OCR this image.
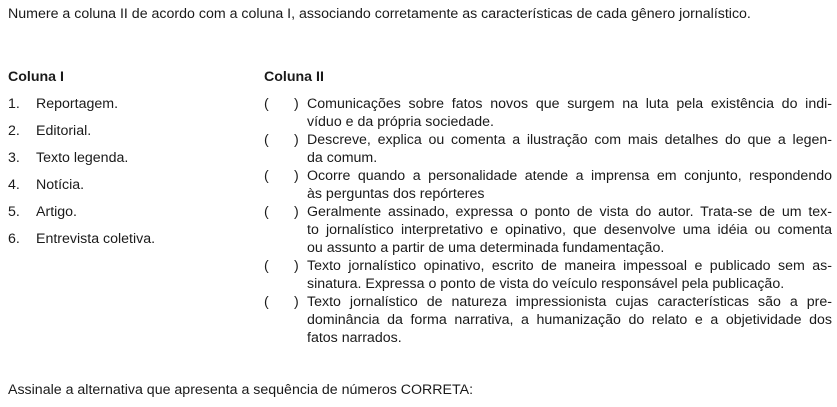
Numere a coluna II de acordo com a coluna I, associando corretamente as características de cada gênero jornalístico.
Coluna I
1.	Reportagem.
2.	Editorial.
3.	Texto legenda.
4.	Notícia.
5.	Artigo.
6.	Entrevista coletiva.
Coluna II
( ) Comunicações sobre fatos novos que surgem na luta pela existência do indi-
víduo e da própria sociedade.
( ) Descreve, explica ou comenta a ilustração com mais detalhes do que a legen-
da comum.
( ) Ocorre quando a personalidade atende a imprensa em conjunto, respondendo
às perguntas dos repórteres
( ) Geralmente assinado, expressa o ponto de vista do autor. Trata-se de um tex-
to jornalístico interpretativo e opinativo, que desenvolve uma idéia ou comenta
ou assunto a partir de uma determinada fundamentação.
( ) Texto jornalístico opinativo, escrito de maneira impessoal e publicado sem as-
sinatura. Expressa o ponto de vista do veículo responsável pela publicação.
( ) Texto jornalístico de natureza impressionista cujas características são a pre-
dominância da forma narrativa, a humanização do relato e a objetividade dos
fatos narrados.
Assinale a alternativa que apresenta a sequência de números CORRETA:
